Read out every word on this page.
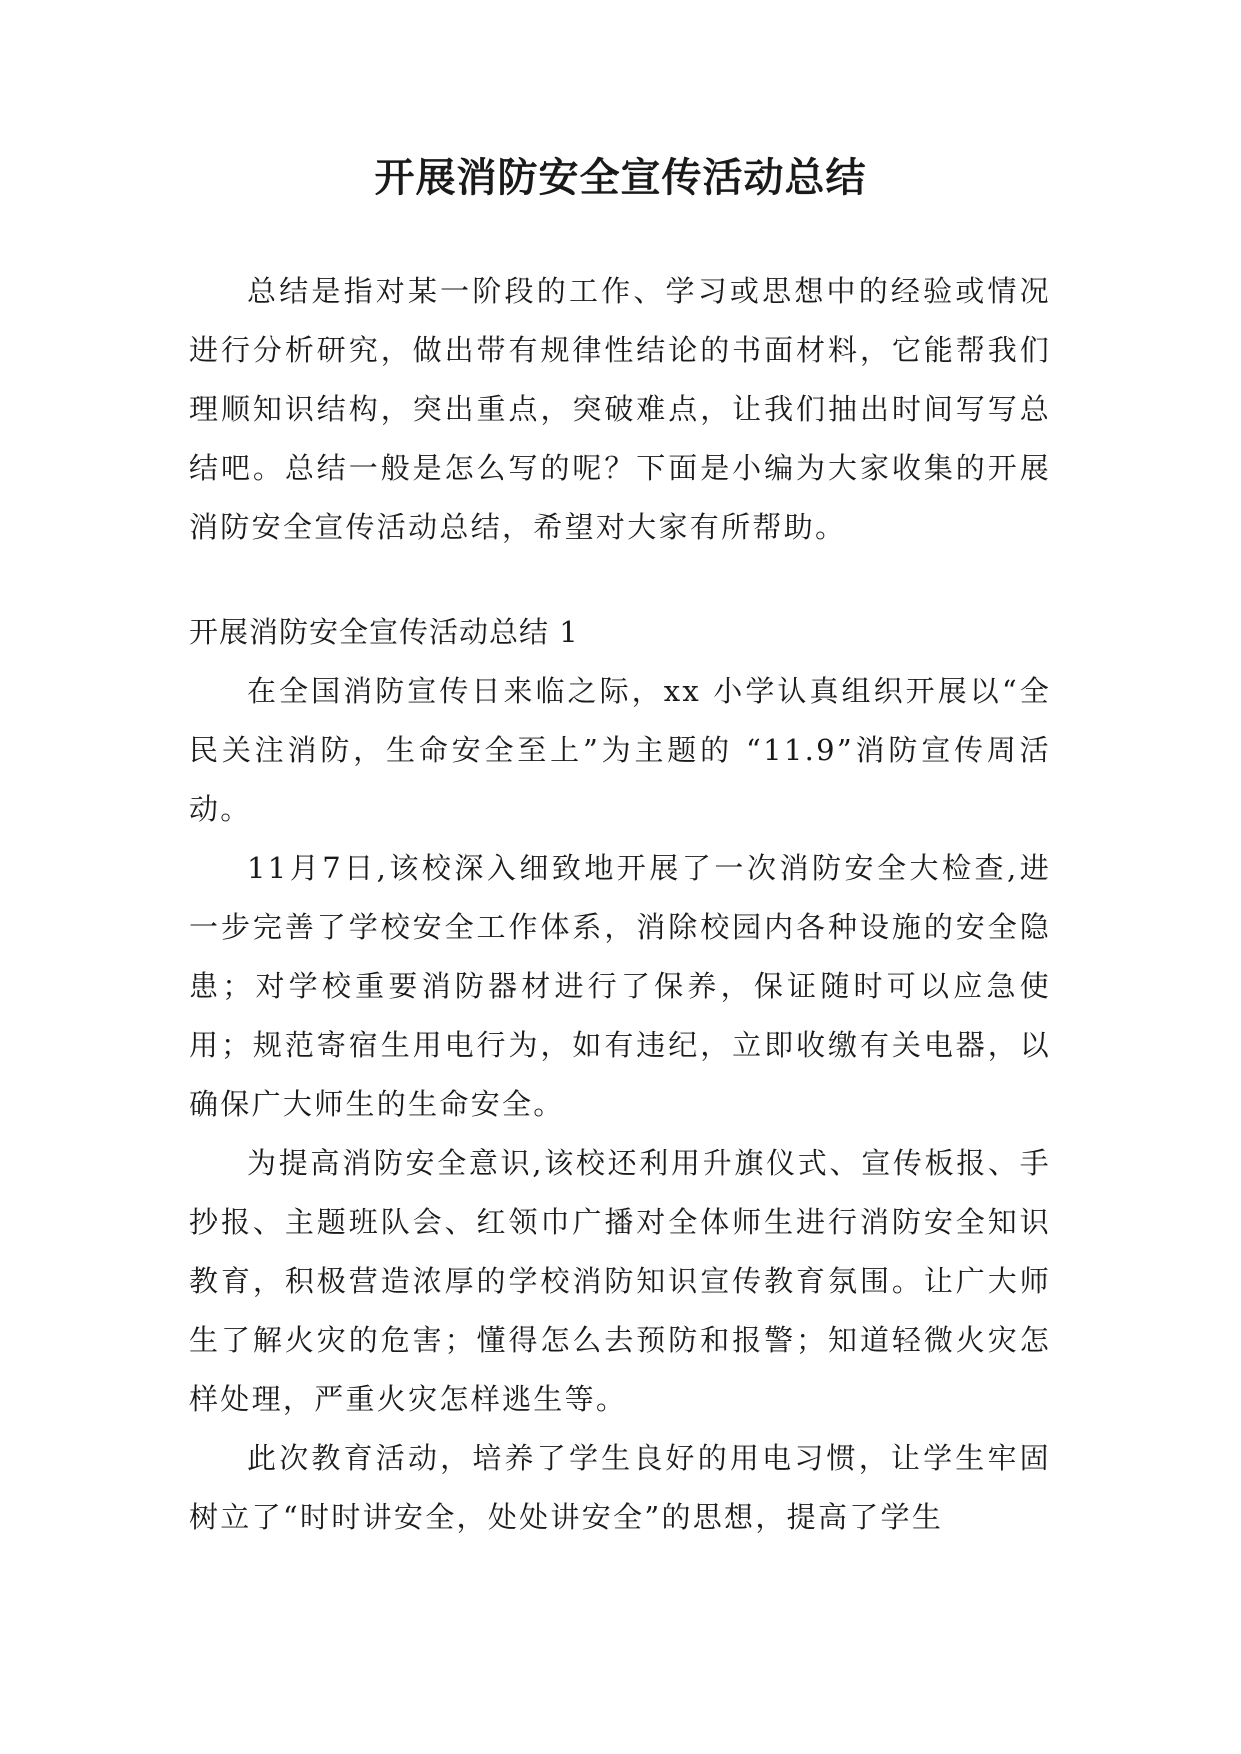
开展消防安全宣传活动总结

总结是指对某一阶段的工作、学习或思想中的经验或情况进行分析研究，做出带有规律性结论的书面材料，它能帮我们理顺知识结构，突出重点，突破难点，让我们抽出时间写写总结吧。总结一般是怎么写的呢？下面是小编为大家收集的开展消防安全宣传活动总结，希望对大家有所帮助。

开展消防安全宣传活动总结 1

在全国消防宣传日来临之际，xx 小学认真组织开展以“全民关注消防，生命安全至上”为主题的 “11.9”消防宣传周活动。

11月7日,该校深入细致地开展了一次消防安全大检查,进一步完善了学校安全工作体系，消除校园内各种设施的安全隐患；对学校重要消防器材进行了保养，保证随时可以应急使用；规范寄宿生用电行为，如有违纪，立即收缴有关电器，以确保广大师生的生命安全。

为提高消防安全意识,该校还利用升旗仪式、宣传板报、手抄报、主题班队会、红领巾广播对全体师生进行消防安全知识教育，积极营造浓厚的学校消防知识宣传教育氛围。让广大师生了解火灾的危害；懂得怎么去预防和报警；知道轻微火灾怎样处理，严重火灾怎样逃生等。

此次教育活动，培养了学生良好的用电习惯，让学生牢固树立了“时时讲安全，处处讲安全”的思想，提高了学生
